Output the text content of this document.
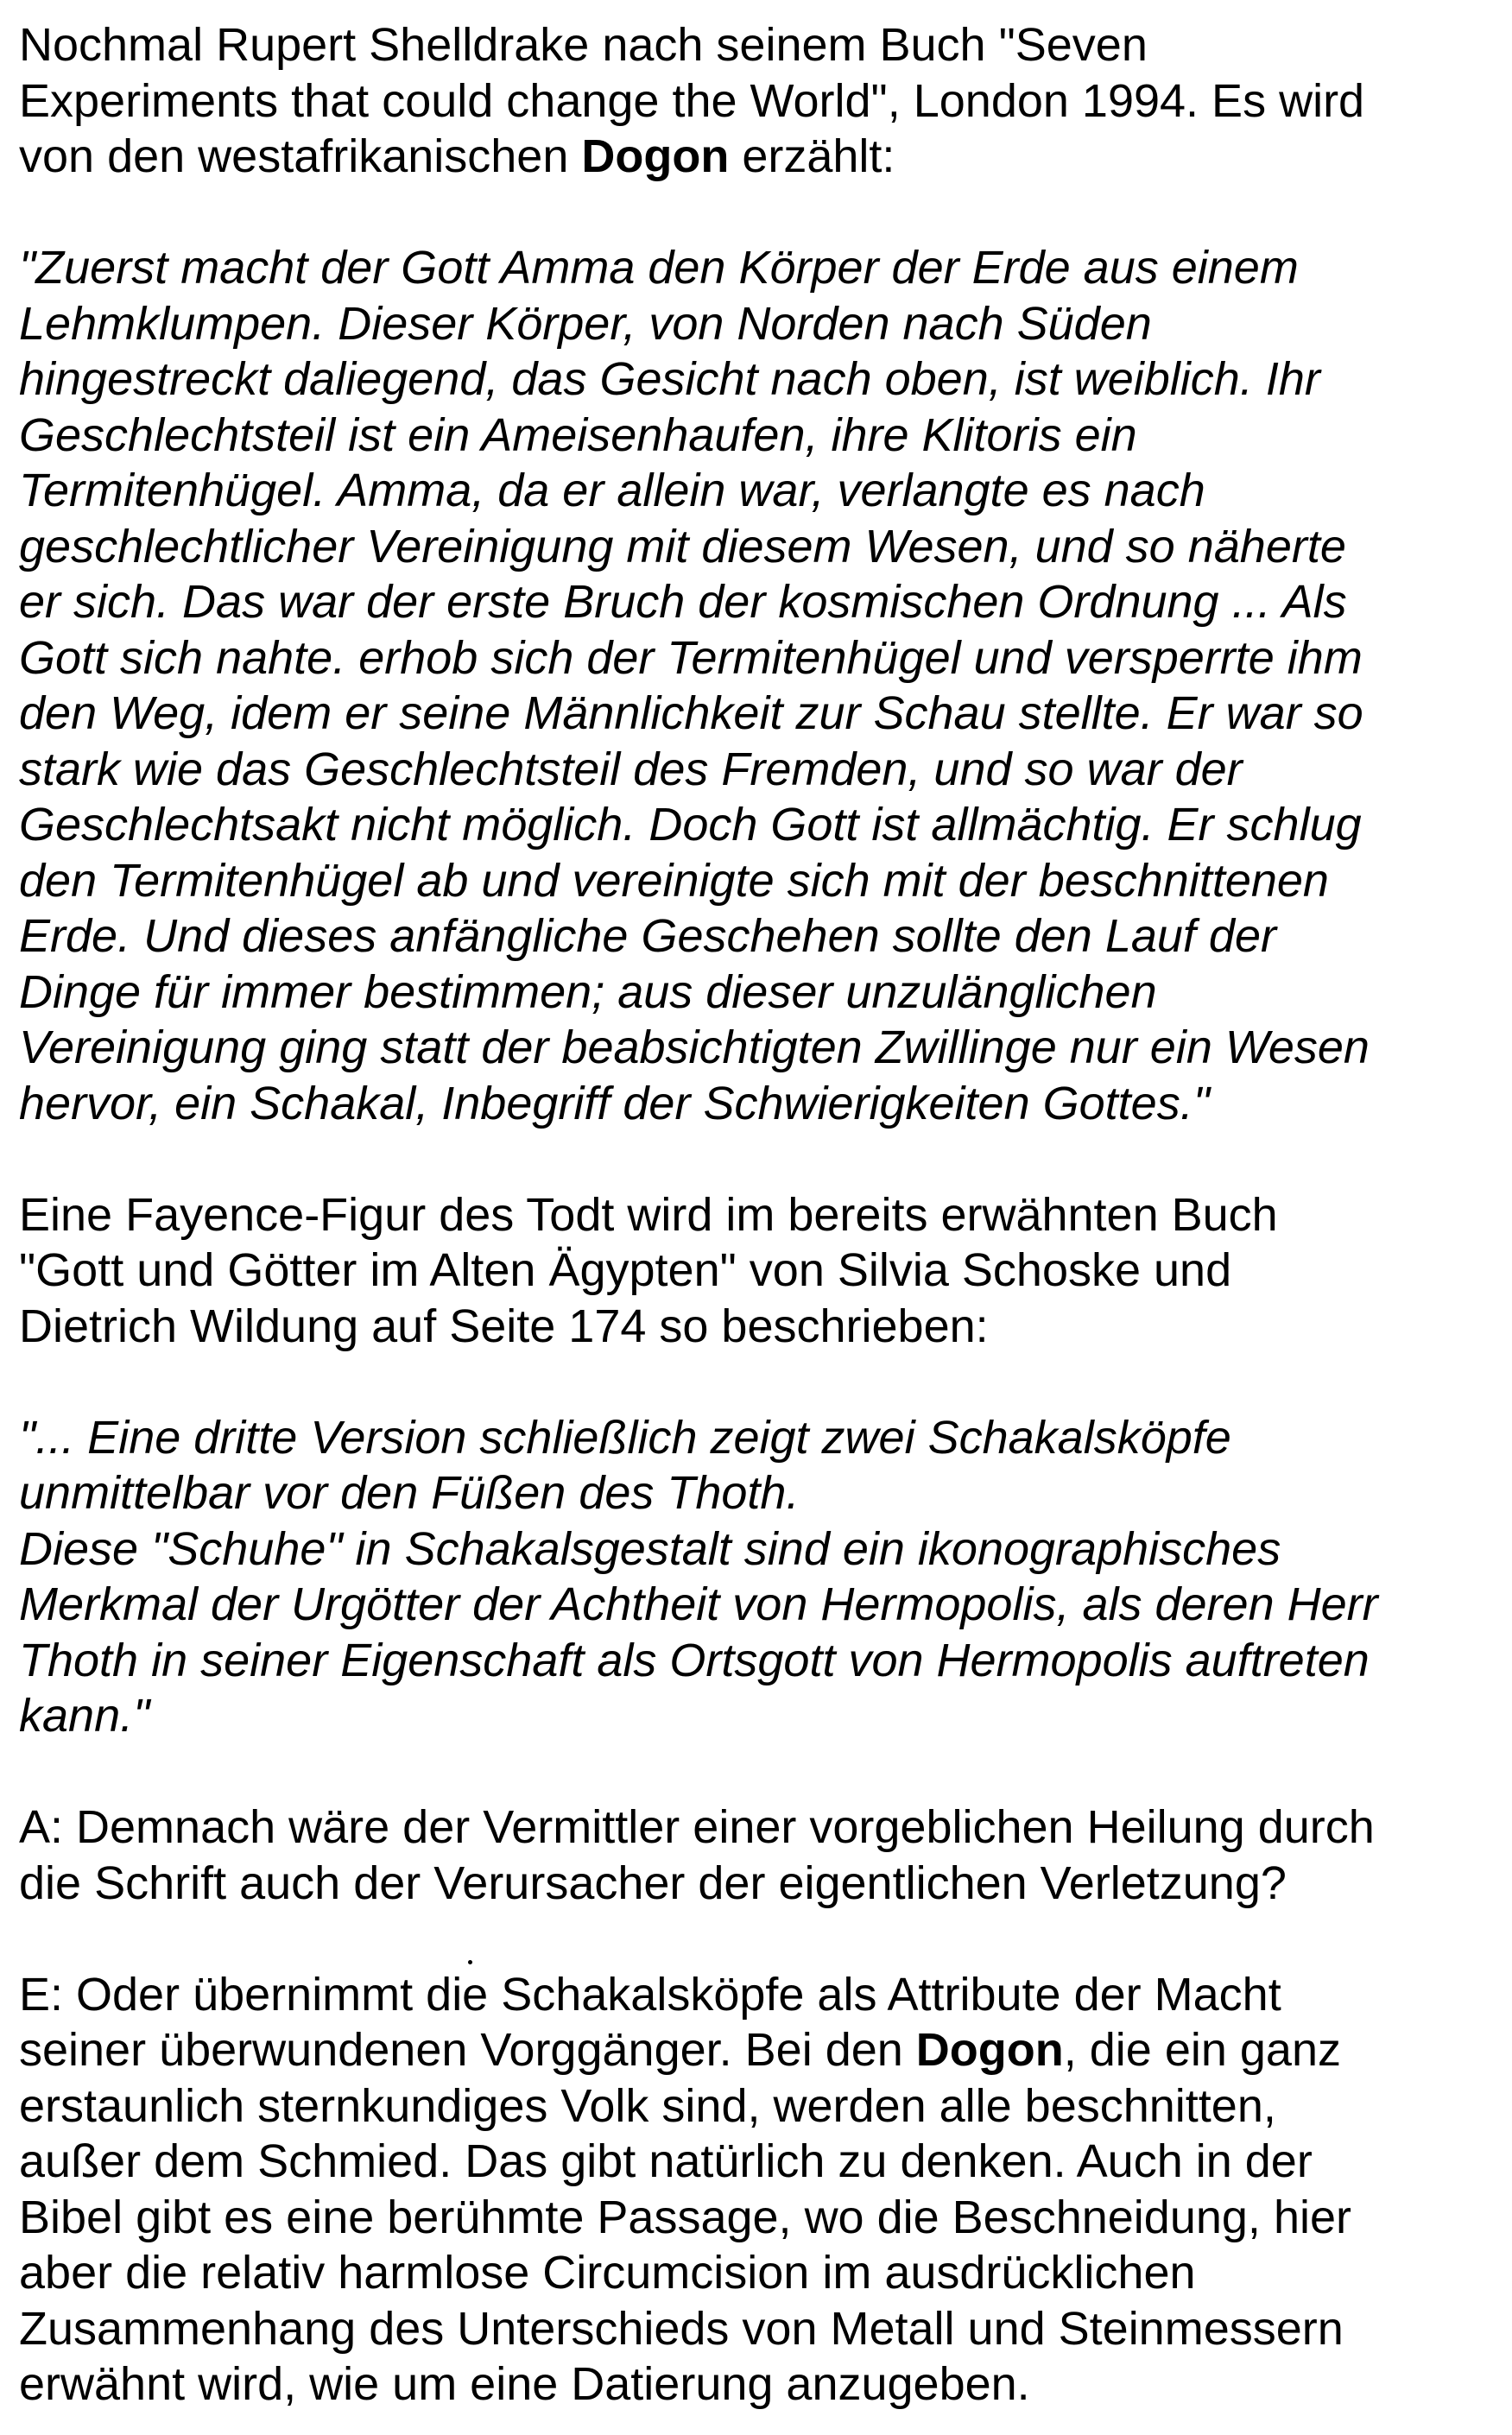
Nochmal Rupert Shelldrake nach seinem Buch "Seven
Experiments that could change the World", London 1994. Es wird
von den westafrikanischen Dogon erzählt:

"Zuerst macht der Gott Amma den Körper der Erde aus einem
Lehmklumpen. Dieser Körper, von Norden nach Süden
hingestreckt daliegend, das Gesicht nach oben, ist weiblich. Ihr
Geschlechtsteil ist ein Ameisenhaufen, ihre Klitoris ein
Termitenhügel. Amma, da er allein war, verlangte es nach
geschlechtlicher Vereinigung mit diesem Wesen, und so näherte
er sich. Das war der erste Bruch der kosmischen Ordnung ... Als
Gott sich nahte. erhob sich der Termitenhügel und versperrte ihm
den Weg, idem er seine Männlichkeit zur Schau stellte. Er war so
stark wie das Geschlechtsteil des Fremden, und so war der
Geschlechtsakt nicht möglich. Doch Gott ist allmächtig. Er schlug
den Termitenhügel ab und vereinigte sich mit der beschnittenen
Erde. Und dieses anfängliche Geschehen sollte den Lauf der
Dinge für immer bestimmen; aus dieser unzulänglichen
Vereinigung ging statt der beabsichtigten Zwillinge nur ein Wesen
hervor, ein Schakal, Inbegriff der Schwierigkeiten Gottes."

Eine Fayence-Figur des Todt wird im bereits erwähnten Buch
"Gott und Götter im Alten Ägypten" von Silvia Schoske und
Dietrich Wildung auf Seite 174 so beschrieben:

"... Eine dritte Version schließlich zeigt zwei Schakalsköpfe
unmittelbar vor den Füßen des Thoth.
Diese "Schuhe" in Schakalsgestalt sind ein ikonographisches
Merkmal der Urgötter der Achtheit von Hermopolis, als deren Herr
Thoth in seiner Eigenschaft als Ortsgott von Hermopolis auftreten
kann."

A: Demnach wäre der Vermittler einer vorgeblichen Heilung durch
die Schrift auch der Verursacher der eigentlichen Verletzung?

E: Oder übernimmt die Schakalsköpfe als Attribute der Macht
seiner überwundenen Vorggänger. Bei den Dogon, die ein ganz
erstaunlich sternkundiges Volk sind, werden alle beschnitten,
außer dem Schmied. Das gibt natürlich zu denken. Auch in der
Bibel gibt es eine berühmte Passage, wo die Beschneidung, hier
aber die relativ harmlose Circumcision im ausdrücklichen
Zusammenhang des Unterschieds von Metall und Steinmessern
erwähnt wird, wie um eine Datierung anzugeben.
